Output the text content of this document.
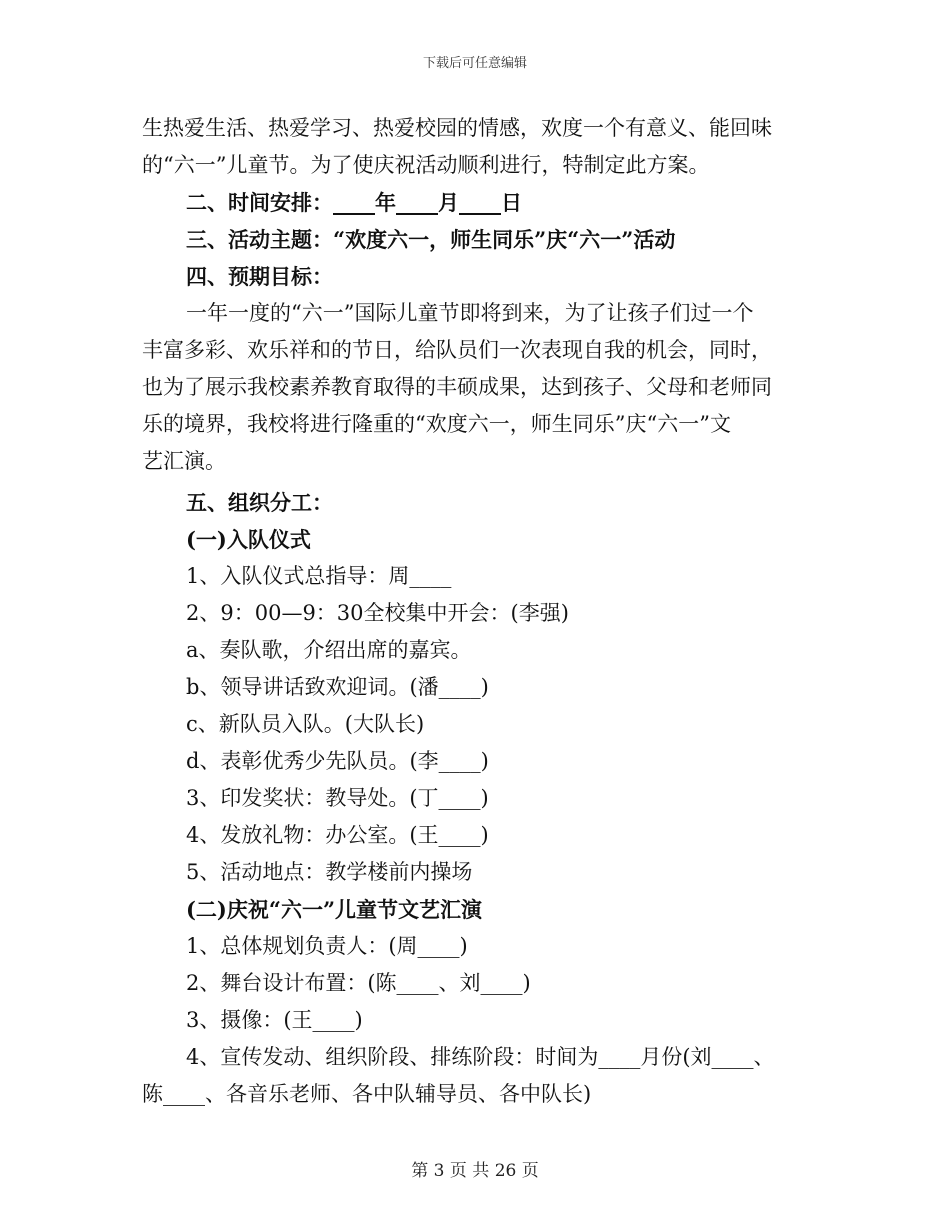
下载后可任意编辑
生热爱生活、热爱学习、热爱校园的情感，欢度一个有意义、能回味
的“六一”儿童节。为了使庆祝活动顺利进行，特制定此方案。
二、时间安排：____年____月____日
三、活动主题：“欢度六一，师生同乐”庆“六一”活动
四、预期目标：
一年一度的“六一”国际儿童节即将到来，为了让孩子们过一个
丰富多彩、欢乐祥和的节日，给队员们一次表现自我的机会，同时，
也为了展示我校素养教育取得的丰硕成果，达到孩子、父母和老师同
乐的境界，我校将进行隆重的“欢度六一，师生同乐”庆“六一”文
艺汇演。
五、组织分工：
(一)入队仪式
1、入队仪式总指导：周____
2、9：00—9：30全校集中开会：(李强)
a、奏队歌，介绍出席的嘉宾。
b、领导讲话致欢迎词。(潘____)
c、新队员入队。(大队长)
d、表彰优秀少先队员。(李____)
3、印发奖状：教导处。(丁____)
4、发放礼物：办公室。(王____)
5、活动地点：教学楼前内操场
(二)庆祝“六一”儿童节文艺汇演
1、总体规划负责人：(周____)
2、舞台设计布置：(陈____、刘____)
3、摄像：(王____)
4、宣传发动、组织阶段、排练阶段：时间为____月份(刘____、
陈____、各音乐老师、各中队辅导员、各中队长)
第 3 页 共 26 页
